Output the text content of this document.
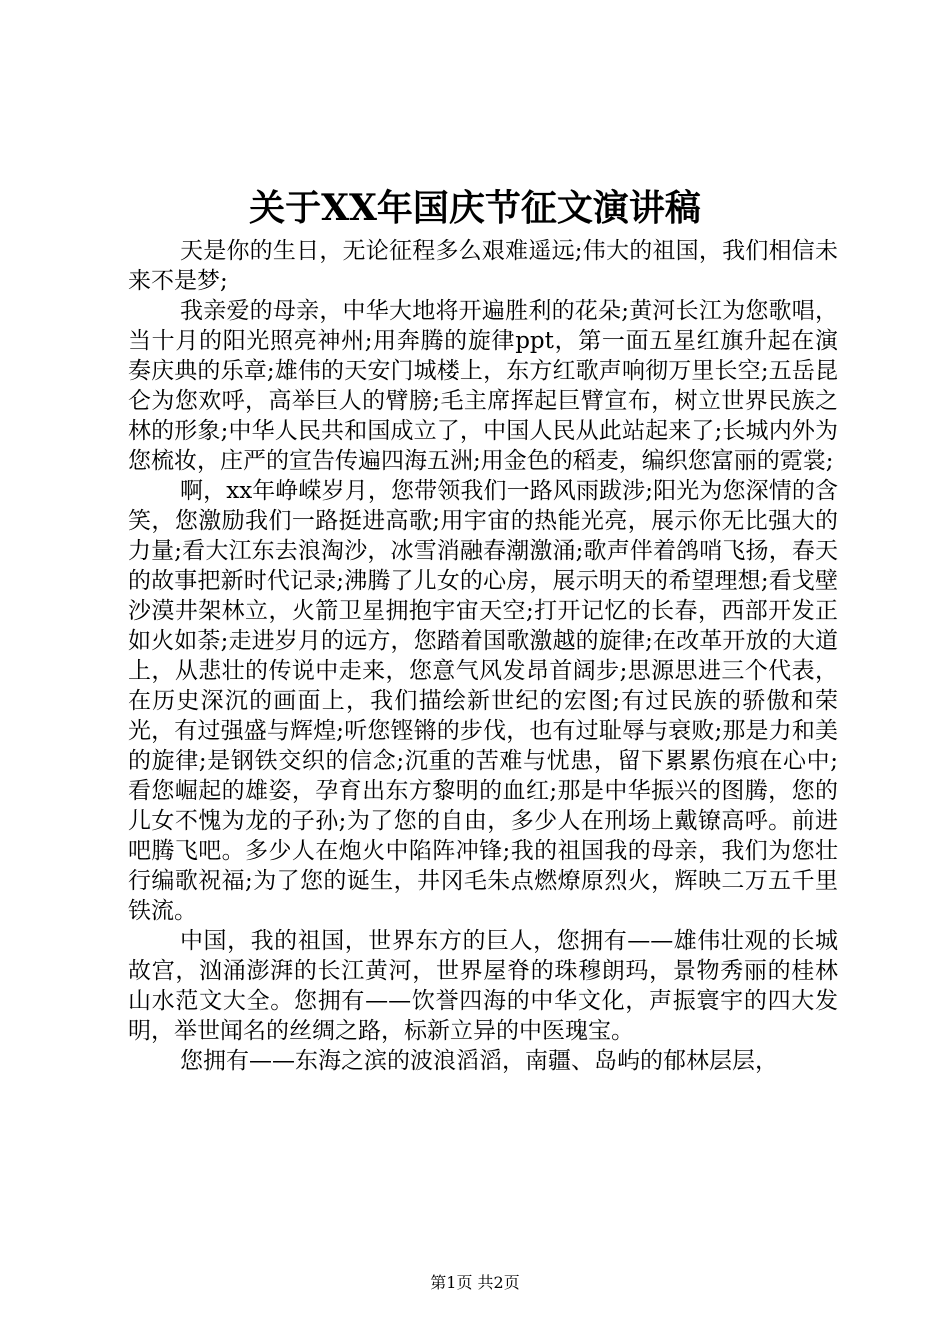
关于XX年国庆节征文演讲稿

天是你的生日，无论征程多么艰难遥远;伟大的祖国，我们相信未来不是梦;

我亲爱的母亲，中华大地将开遍胜利的花朵;黄河长江为您歌唱，当十月的阳光照亮神州;用奔腾的旋律ppt，第一面五星红旗升起在演奏庆典的乐章;雄伟的天安门城楼上，东方红歌声响彻万里长空;五岳昆仑为您欢呼，高举巨人的臂膀;毛主席挥起巨臂宣布，树立世界民族之林的形象;中华人民共和国成立了，中国人民从此站起来了;长城内外为您梳妆，庄严的宣告传遍四海五洲;用金色的稻麦，编织您富丽的霓裳;

啊，xx年峥嵘岁月，您带领我们一路风雨跋涉;阳光为您深情的含笑，您激励我们一路挺进高歌;用宇宙的热能光亮，展示你无比强大的力量;看大江东去浪淘沙，冰雪消融春潮激涌;歌声伴着鸽哨飞扬，春天的故事把新时代记录;沸腾了儿女的心房，展示明天的希望理想;看戈壁沙漠井架林立，火箭卫星拥抱宇宙天空;打开记忆的长春，西部开发正如火如荼;走进岁月的远方，您踏着国歌激越的旋律;在改革开放的大道上，从悲壮的传说中走来，您意气风发昂首阔步;思源思进三个代表，在历史深沉的画面上，我们描绘新世纪的宏图;有过民族的骄傲和荣光，有过强盛与辉煌;听您铿锵的步伐，也有过耻辱与衰败;那是力和美的旋律;是钢铁交织的信念;沉重的苦难与忧患，留下累累伤痕在心中;看您崛起的雄姿，孕育出东方黎明的血红;那是中华振兴的图腾，您的儿女不愧为龙的子孙;为了您的自由，多少人在刑场上戴镣高呼。前进吧腾飞吧。多少人在炮火中陷阵冲锋;我的祖国我的母亲，我们为您壮行编歌祝福;为了您的诞生，井冈毛朱点燃燎原烈火，辉映二万五千里铁流。

中国，我的祖国，世界东方的巨人，您拥有——雄伟壮观的长城故宫，汹涌澎湃的长江黄河，世界屋脊的珠穆朗玛，景物秀丽的桂林山水范文大全。您拥有——饮誉四海的中华文化，声振寰宇的四大发明，举世闻名的丝绸之路，标新立异的中医瑰宝。

您拥有——东海之滨的波浪滔滔，南疆、岛屿的郁林层层，

第1页 共2页
